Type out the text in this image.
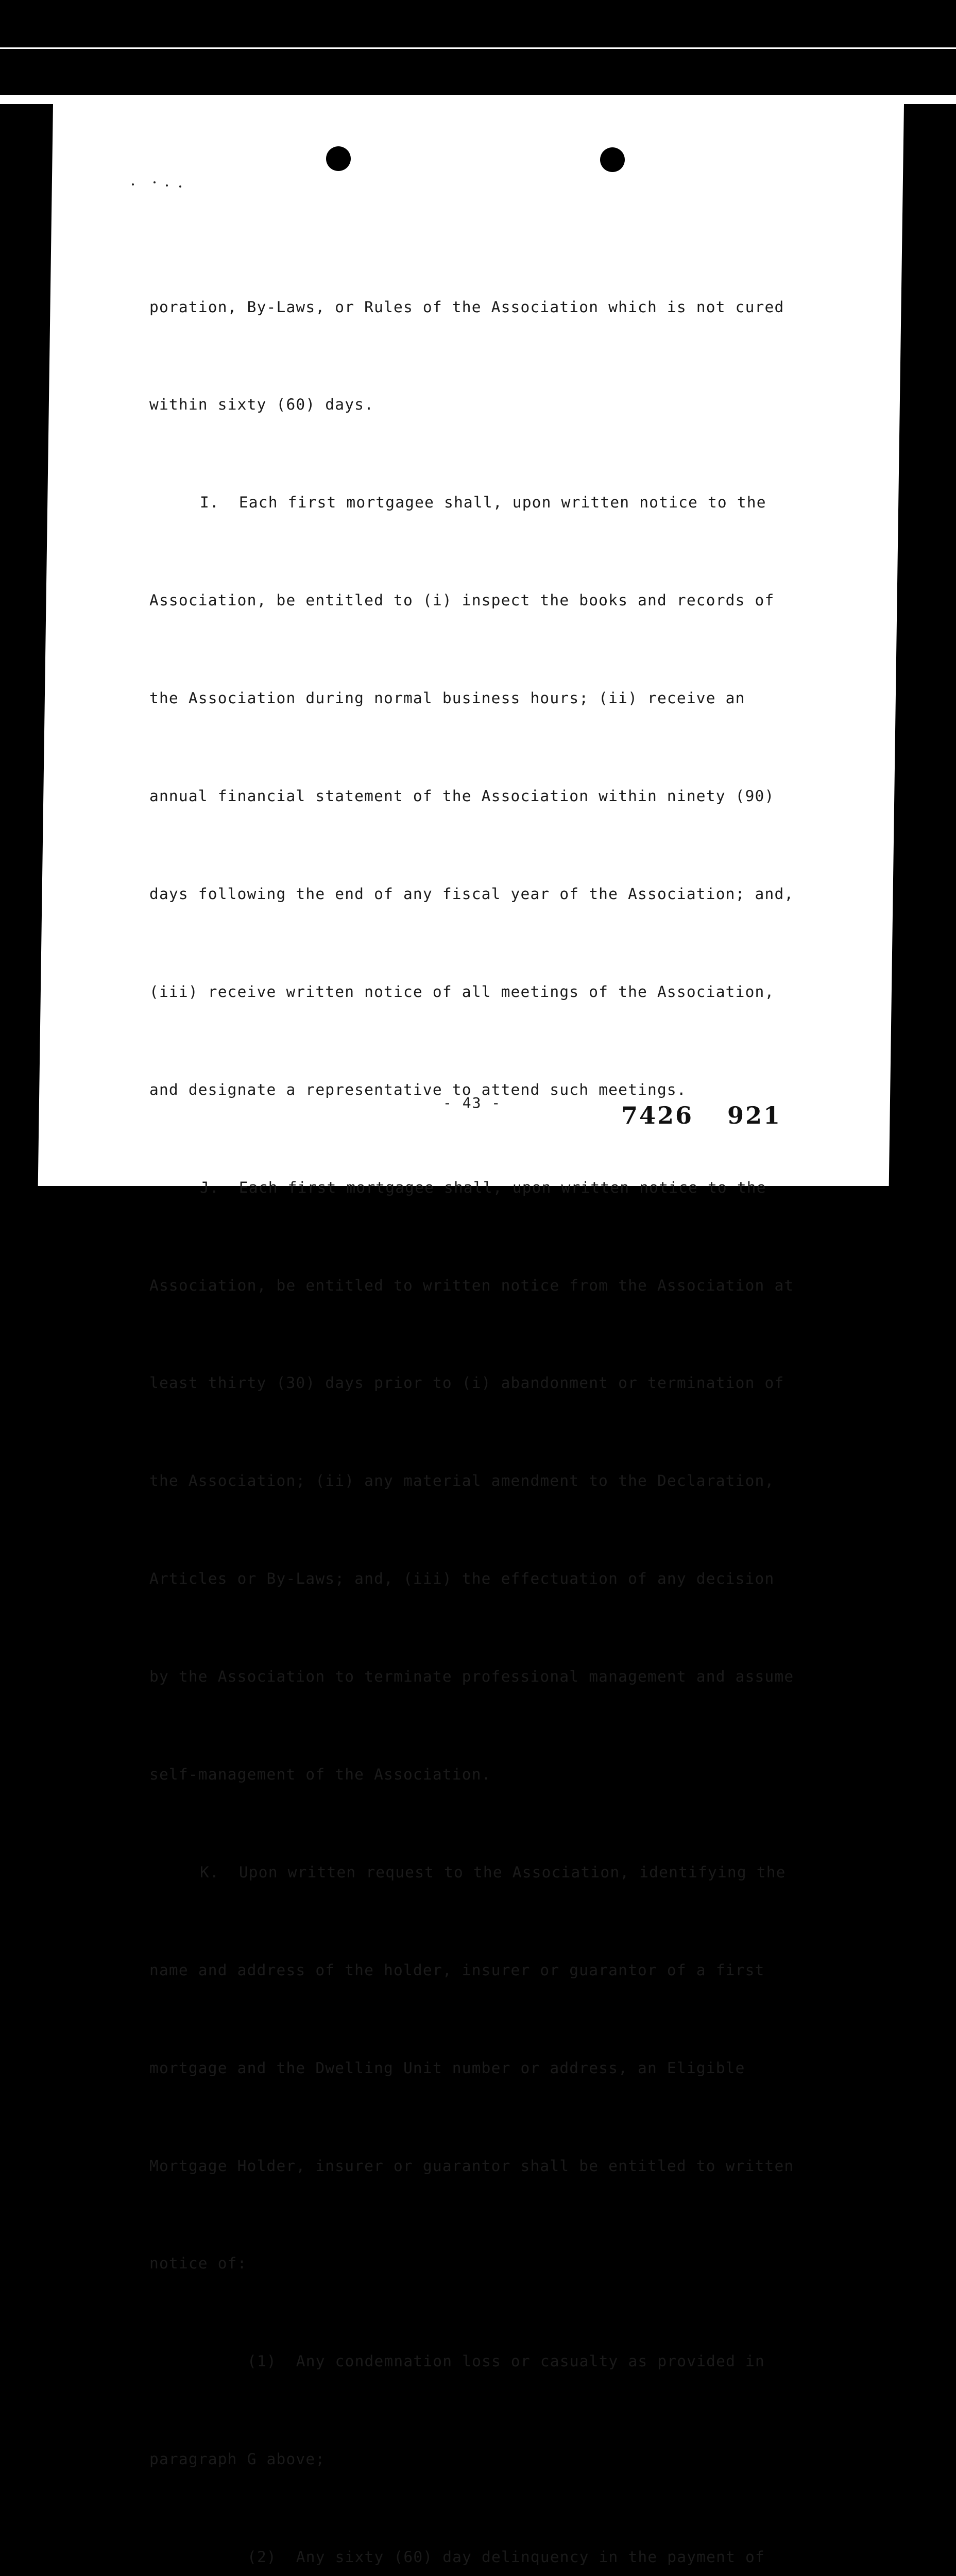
poration, By-Laws, or Rules of the Association which is not cured

within sixty (60) days.

I.  Each first mortgagee shall, upon written notice to the

Association, be entitled to (i) inspect the books and records of

the Association during normal business hours; (ii) receive an

annual financial statement of the Association within ninety (90)

days following the end of any fiscal year of the Association; and,

(iii) receive written notice of all meetings of the Association,

and designate a representative to attend such meetings.

J.  Each first mortgagee shall, upon written notice to the

Association, be entitled to written notice from the Association at

least thirty (30) days prior to (i) abandonment or termination of

the Association; (ii) any material amendment to the Declaration,

Articles or By-Laws; and, (iii) the effectuation of any decision

by the Association to terminate professional management and assume

self-management of the Association.

K.  Upon written request to the Association, identifying the

name and address of the holder, insurer or guarantor of a first

mortgage and the Dwelling Unit number or address, an Eligible

Mortgage Holder, insurer or guarantor shall be entitled to written

notice of:

(1)  Any condemnation loss or casualty as provided in

paragraph G above;

(2)  Any sixty (60) day delinquency in the payment of

- 43 -	7426 921
